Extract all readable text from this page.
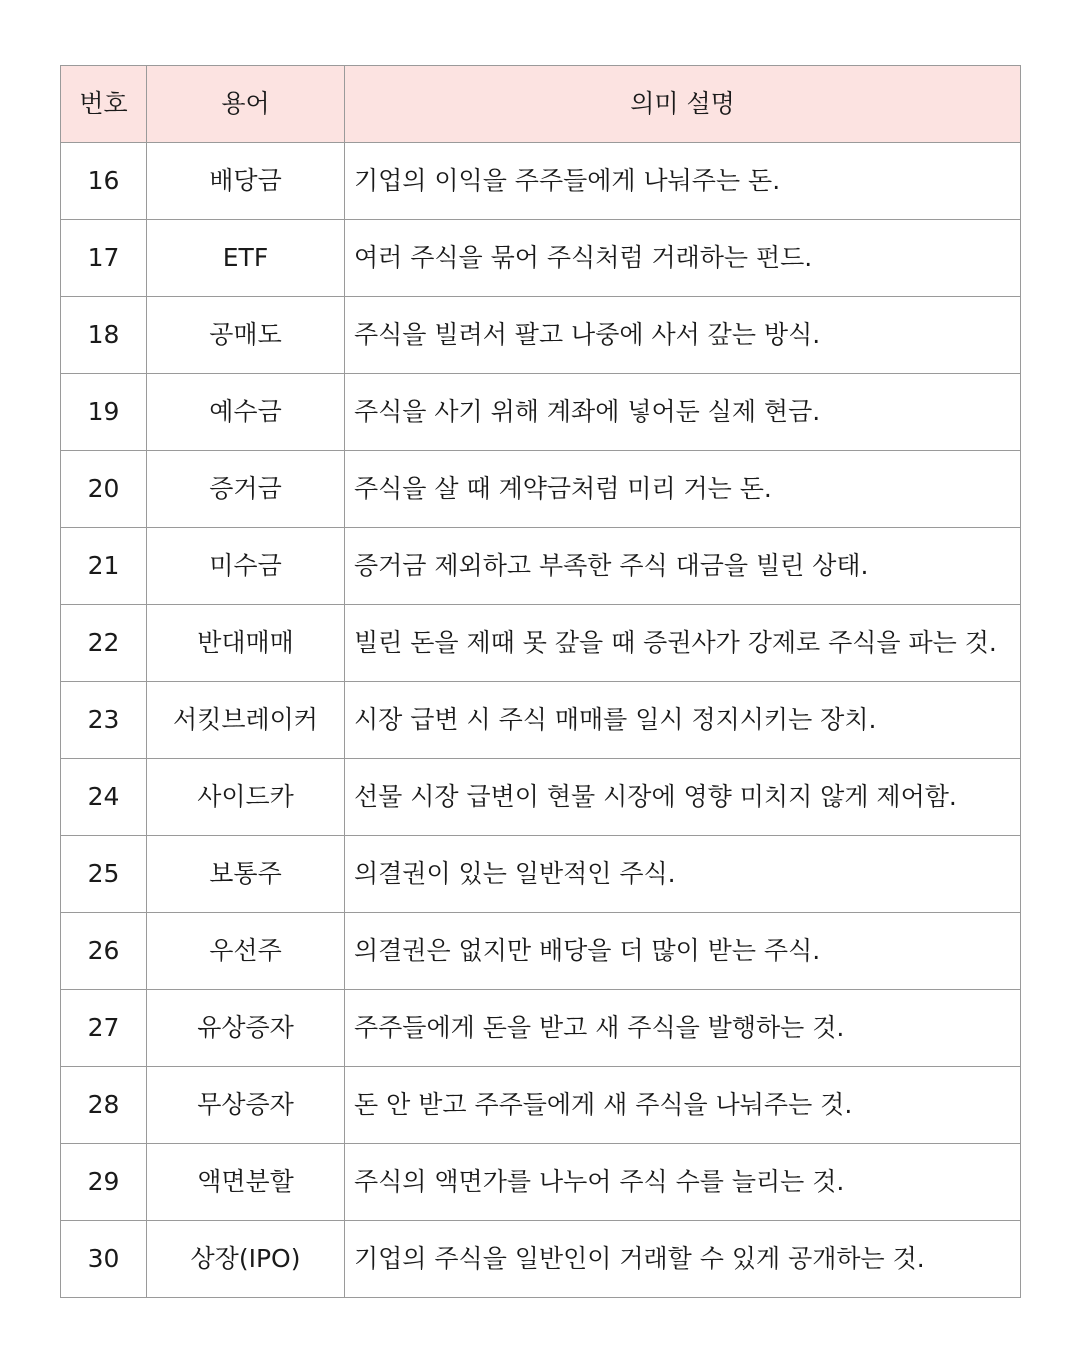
번호	용어	의미 설명
16	배당금	기업의 이익을 주주들에게 나눠주는 돈.
17	ETF	여러 주식을 묶어 주식처럼 거래하는 펀드.
18	공매도	주식을 빌려서 팔고 나중에 사서 갚는 방식.
19	예수금	주식을 사기 위해 계좌에 넣어둔 실제 현금.
20	증거금	주식을 살 때 계약금처럼 미리 거는 돈.
21	미수금	증거금 제외하고 부족한 주식 대금을 빌린 상태.
22	반대매매	빌린 돈을 제때 못 갚을 때 증권사가 강제로 주식을 파는 것.
23	서킷브레이커	시장 급변 시 주식 매매를 일시 정지시키는 장치.
24	사이드카	선물 시장 급변이 현물 시장에 영향 미치지 않게 제어함.
25	보통주	의결권이 있는 일반적인 주식.
26	우선주	의결권은 없지만 배당을 더 많이 받는 주식.
27	유상증자	주주들에게 돈을 받고 새 주식을 발행하는 것.
28	무상증자	돈 안 받고 주주들에게 새 주식을 나눠주는 것.
29	액면분할	주식의 액면가를 나누어 주식 수를 늘리는 것.
30	상장(IPO)	기업의 주식을 일반인이 거래할 수 있게 공개하는 것.
